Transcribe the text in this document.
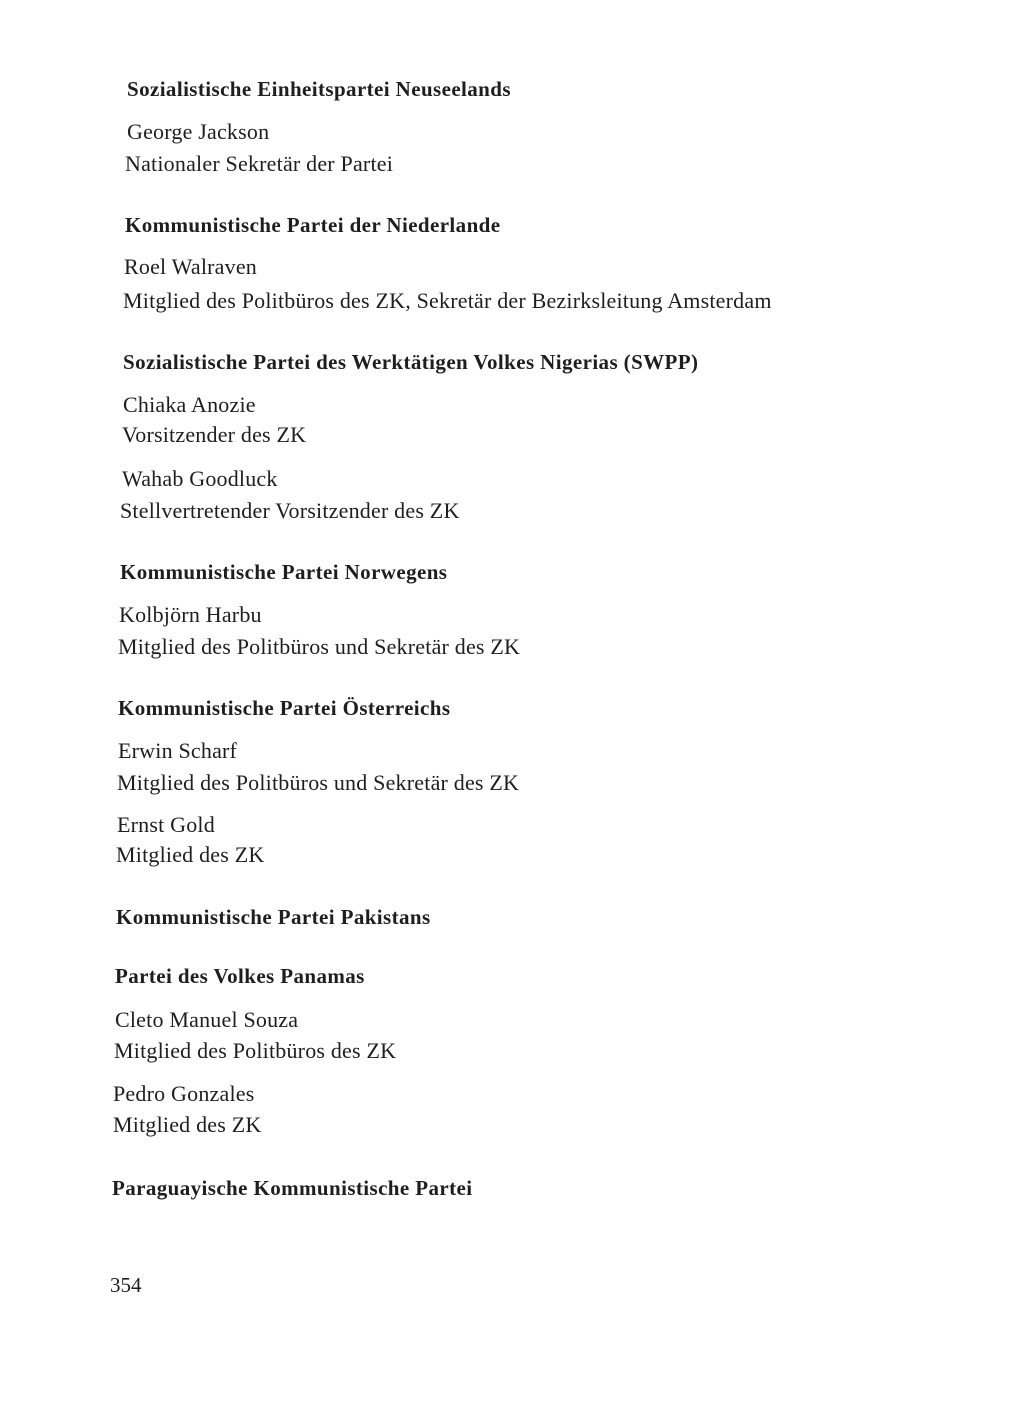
Sozialistische Einheitspartei Neuseelands
George Jackson
Nationaler Sekretär der Partei
Kommunistische Partei der Niederlande
Roel Walraven
Mitglied des Politbüros des ZK, Sekretär der Bezirksleitung Amsterdam
Sozialistische Partei des Werktätigen Volkes Nigerias (SWPP)
Chiaka Anozie
Vorsitzender des ZK
Wahab Goodluck
Stellvertretender Vorsitzender des ZK
Kommunistische Partei Norwegens
Kolbjörn Harbu
Mitglied des Politbüros und Sekretär des ZK
Kommunistische Partei Österreichs
Erwin Scharf
Mitglied des Politbüros und Sekretär des ZK
Ernst Gold
Mitglied des ZK
Kommunistische Partei Pakistans
Partei des Volkes Panamas
Cleto Manuel Souza
Mitglied des Politbüros des ZK
Pedro Gonzales
Mitglied des ZK
Paraguayische Kommunistische Partei
354
